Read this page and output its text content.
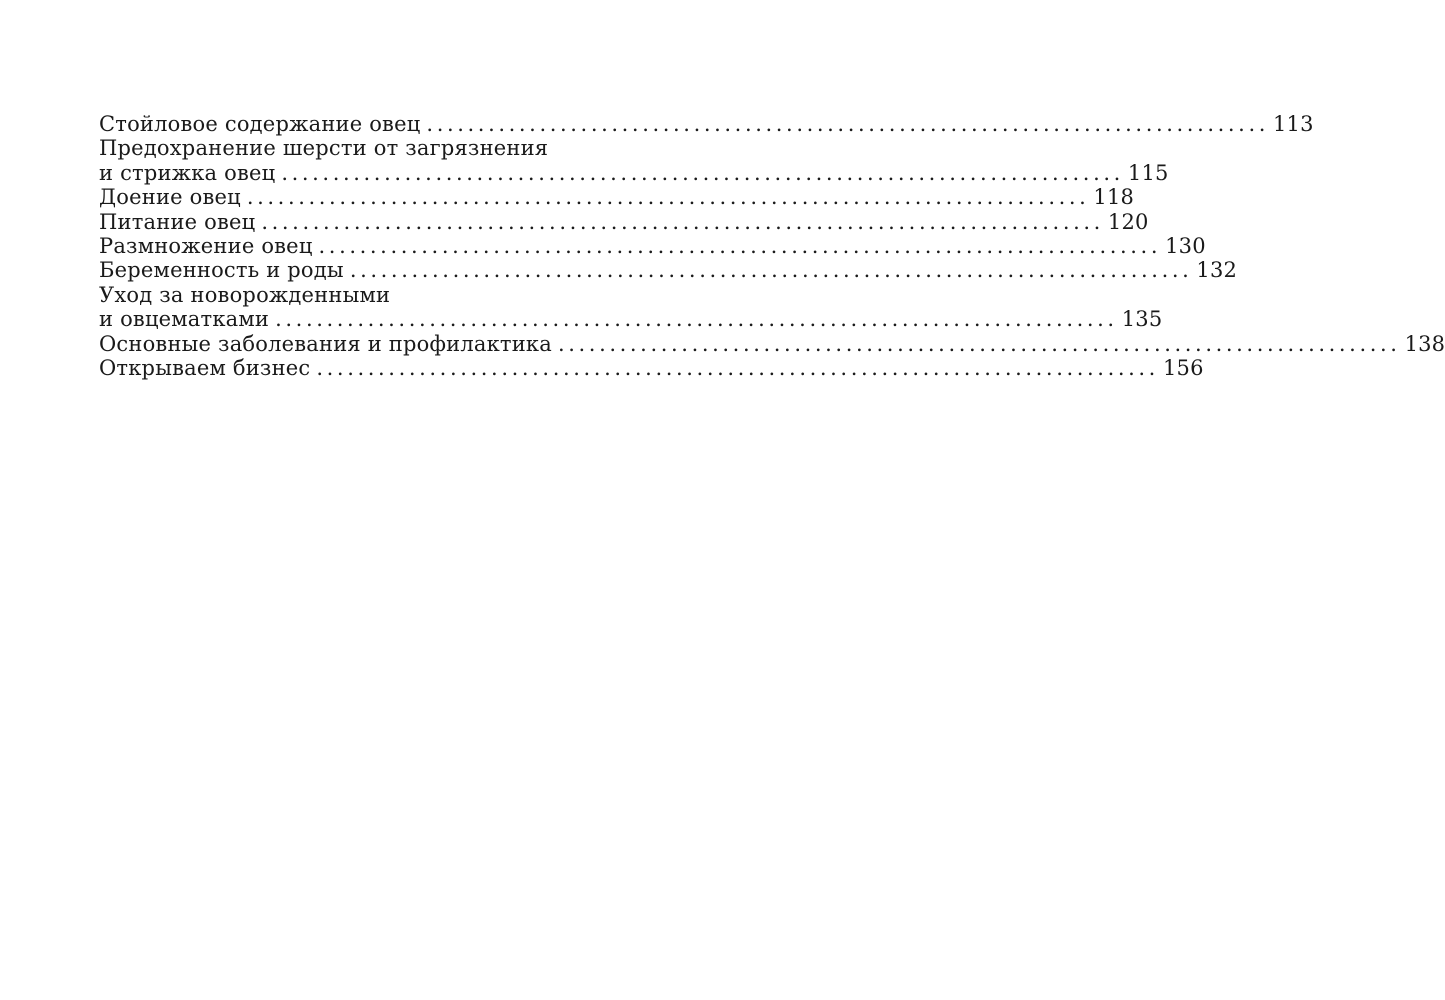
Стойловое содержание овец .................................................................................. 113
Предохранение шерсти от загрязнения
и стрижка овец .................................................................................. 115
Доение овец .................................................................................. 118
Питание овец .................................................................................. 120
Размножение овец .................................................................................. 130
Беременность и роды .................................................................................. 132
Уход за новорожденными
и овцематками .................................................................................. 135
Основные заболевания и профилактика .................................................................................. 138
Открываем бизнес .................................................................................. 156
